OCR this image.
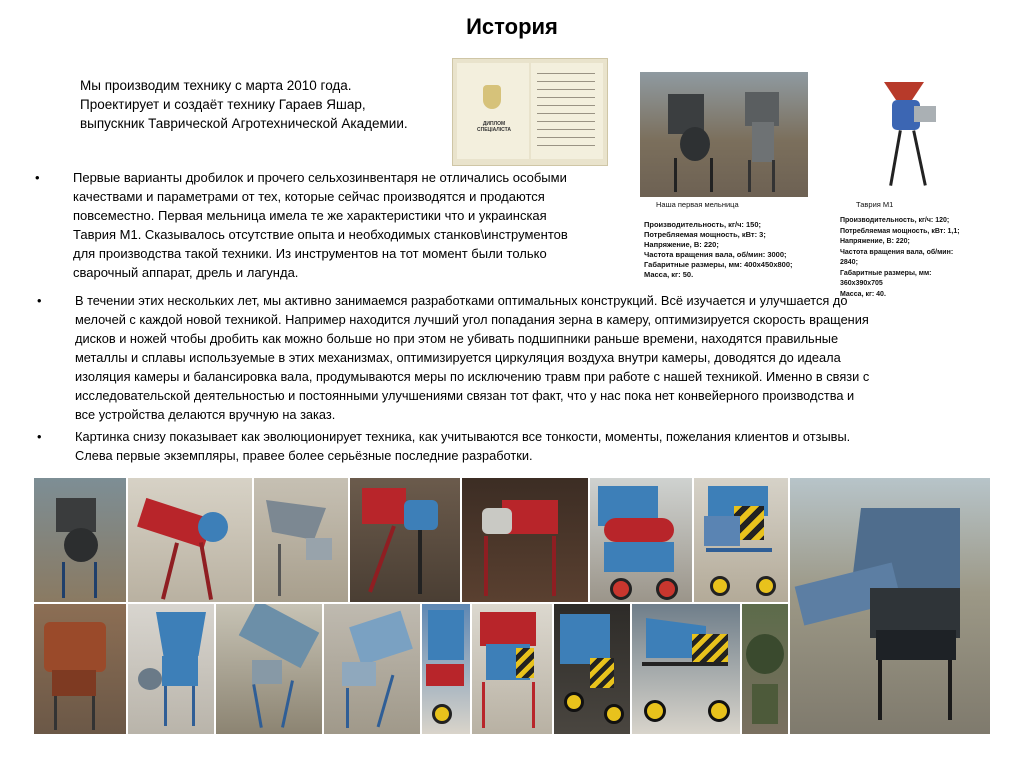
История
Мы производим технику с марта 2010 года.
Проектирует и создаёт технику Гараев Яшар,
выпускник Таврической Агротехнической Академии.	ДИПЛОМ СПЕЦІАЛІСТА
Наша первая мельница	Таврия М1
Производительность, кг/ч: 150;
Потребляемая мощность, кВт: 3;
Напряжение, В: 220;
Частота вращения вала, об/мин: 3000;
Габаритные размеры, мм: 400x450x800;
Масса, кг: 50.
Производительность, кг/ч: 120;
Потребляемая мощность, кВт: 1,1;
Напряжение, В: 220;
Частота вращения вала, об/мин: 2840;
Габаритные размеры, мм: 360x390x705
Масса, кг: 40.
•	Первые варианты дробилок и прочего сельхозинвентаря не отличались особыми
качествами и параметрами от тех, которые сейчас производятся и продаются
повсеместно. Первая мельница имела те же характеристики что и украинская
Таврия М1. Сказывалось отсутствие опыта и необходимых станков\инструментов
для производства такой техники. Из инструментов на тот момент были только
сварочный аппарат, дрель и лагунда.
•	В течении этих нескольких лет, мы активно занимаемся разработками оптимальных конструкций. Всё изучается и улучшается до
мелочей с каждой новой техникой. Например находится лучший угол попадания зерна в камеру, оптимизируется скорость вращения
дисков и ножей чтобы дробить как можно больше но при этом не убивать подшипники раньше времени, находятся правильные
металлы и сплавы используемые в этих механизмах, оптимизируется циркуляция воздуха внутри камеры, доводятся до идеала
изоляция камеры и балансировка вала, продумываются меры по исключению травм при работе с нашей техникой. Именно в связи с
исследовательской деятельностью и постоянными улучшениями связан тот факт, что у нас пока нет конвейерного производства и
все устройства делаются вручную на заказ.
•	Картинка снизу показывает как эволюционирует техника, как учитываются все тонкости, моменты, пожелания клиентов и отзывы.
Слева первые экземпляры, правее более серьёзные последние разработки.
